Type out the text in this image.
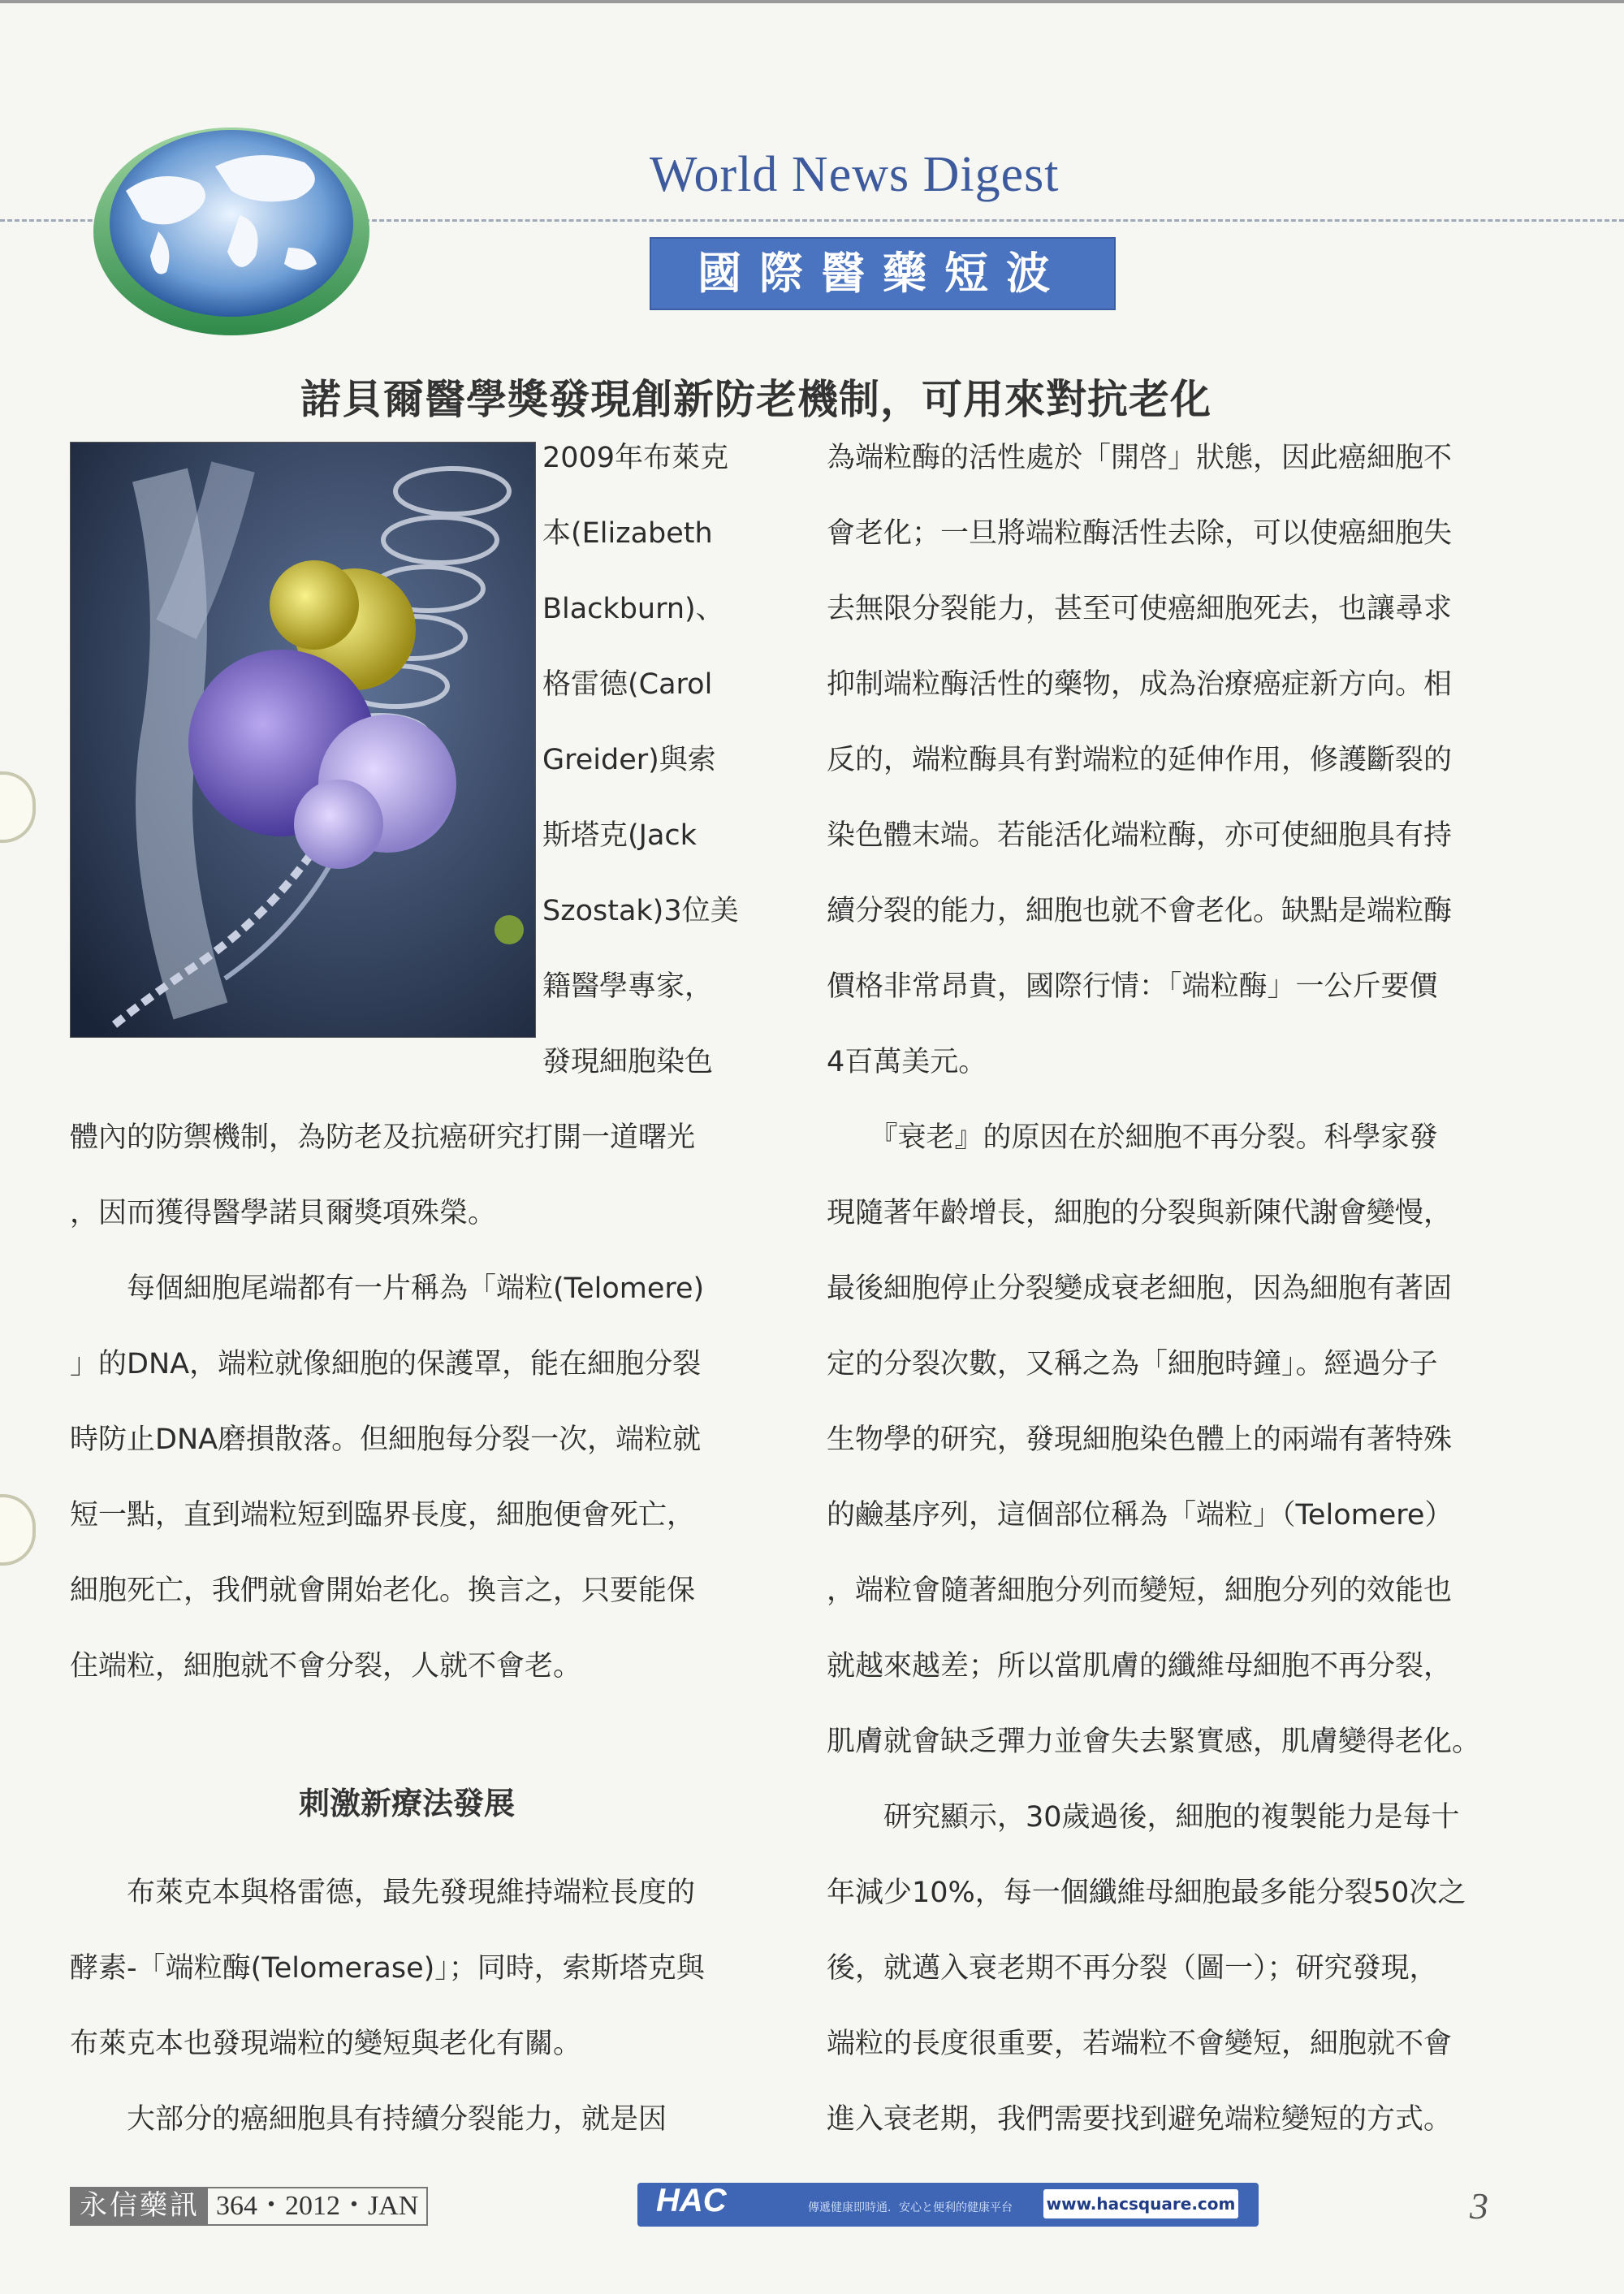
World News Digest
國際醫藥短波
諾貝爾醫學獎發現創新防老機制，可用來對抗老化

2009年布萊克

本(Elizabeth

Blackburn)、

格雷德(Carol

Greider)與索

斯塔克(Jack

Szostak)3位美

籍醫學專家，

發現細胞染色

體內的防禦機制，為防老及抗癌研究打開一道曙光

，因而獲得醫學諾貝爾獎項殊榮。

　　每個細胞尾端都有一片稱為「端粒(Telomere)

」的DNA，端粒就像細胞的保護罩，能在細胞分裂

時防止DNA磨損散落。但細胞每分裂一次，端粒就

短一點，直到端粒短到臨界長度，細胞便會死亡，

細胞死亡，我們就會開始老化。換言之，只要能保

住端粒，細胞就不會分裂，人就不會老。

刺激新療法發展

　　布萊克本與格雷德，最先發現維持端粒長度的

酵素-「端粒酶(Telomerase)」；同時，索斯塔克與

布萊克本也發現端粒的變短與老化有關。

　　大部分的癌細胞具有持續分裂能力，就是因

為端粒酶的活性處於「開啓」狀態，因此癌細胞不

會老化；一旦將端粒酶活性去除，可以使癌細胞失

去無限分裂能力，甚至可使癌細胞死去，也讓尋求

抑制端粒酶活性的藥物，成為治療癌症新方向。相

反的，端粒酶具有對端粒的延伸作用，修護斷裂的

染色體末端。若能活化端粒酶，亦可使細胞具有持

續分裂的能力，細胞也就不會老化。缺點是端粒酶

價格非常昂貴，國際行情：「端粒酶」一公斤要價

4百萬美元。

　　『衰老』的原因在於細胞不再分裂。科學家發

現隨著年齡增長，細胞的分裂與新陳代謝會變慢，

最後細胞停止分裂變成衰老細胞，因為細胞有著固

定的分裂次數，又稱之為「細胞時鐘」。經過分子

生物學的研究，發現細胞染色體上的兩端有著特殊

的鹼基序列，這個部位稱為「端粒」（Telomere）

，端粒會隨著細胞分列而變短，細胞分列的效能也

就越來越差；所以當肌膚的纖維母細胞不再分裂，

肌膚就會缺乏彈力並會失去緊實感，肌膚變得老化。

　　研究顯示，30歲過後，細胞的複製能力是每十

年減少10%，每一個纖維母細胞最多能分裂50次之

後，就邁入衰老期不再分裂（圖一）；研究發現，

端粒的長度很重要，若端粒不會變短，細胞就不會

進入衰老期，我們需要找到避免端粒變短的方式。

永信藥訊 364・2012・JAN	HAC	傳遞健康即時通．安心と便利的健康平台 www.hacsquare.com	3
